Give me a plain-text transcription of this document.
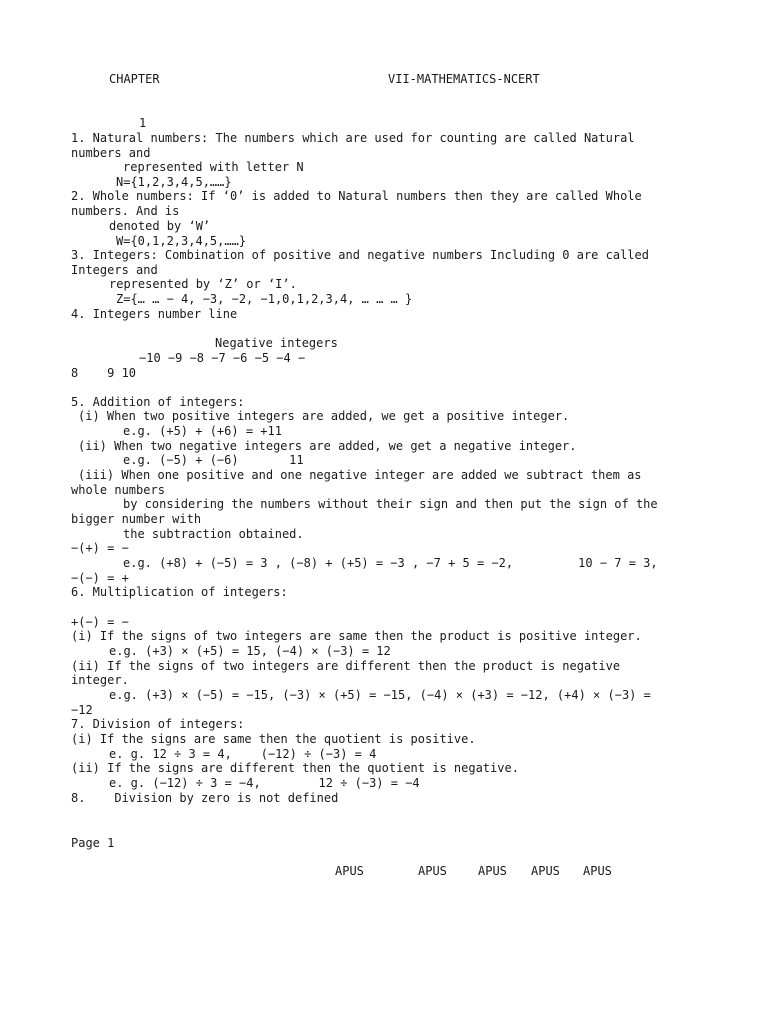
CHAPTER	VII-MATHEMATICS-NCERT
1
1. Natural numbers: The numbers which are used for counting are called Natural
numbers and
represented with letter N
N={1,2,3,4,5,……}
2. Whole numbers: If ‘0’ is added to Natural numbers then they are called Whole
numbers. And is
denoted by ‘W’
W={0,1,2,3,4,5,……}
3. Integers: Combination of positive and negative numbers Including 0 are called
Integers and
represented by ‘Z’ or ‘I’.
Z={… … − 4, −3, −2, −1,0,1,2,3,4, … … … }
4. Integers number line
Negative integers
−10 −9 −8 −7 −6 −5 −4 −
8    9 10
5. Addition of integers:
(i) When two positive integers are added, we get a positive integer.
e.g. (+5) + (+6) = +11
(ii) When two negative integers are added, we get a negative integer.
e.g. (−5) + (−6)       11
(iii) When one positive and one negative integer are added we subtract them as
whole numbers
by considering the numbers without their sign and then put the sign of the
bigger number with
the subtraction obtained.
−(+) = −
e.g. (+8) + (−5) = 3 , (−8) + (+5) = −3 , −7 + 5 = −2,         10 − 7 = 3,
−(−) = +
6. Multiplication of integers:
+(−) = −
(i) If the signs of two integers are same then the product is positive integer.
e.g. (+3) × (+5) = 15, (−4) × (−3) = 12
(ii) If the signs of two integers are different then the product is negative
integer.
e.g. (+3) × (−5) = −15, (−3) × (+5) = −15, (−4) × (+3) = −12, (+4) × (−3) =
−12
7. Division of integers:
(i) If the signs are same then the quotient is positive.
e. g. 12 ÷ 3 = 4,    (−12) ÷ (−3) = 4
(ii) If the signs are different then the quotient is negative.
e. g. (−12) ÷ 3 = −4,        12 ÷ (−3) = −4
8.    Division by zero is not defined
Page 1
APUS	APUS	APUS APUS APUS
